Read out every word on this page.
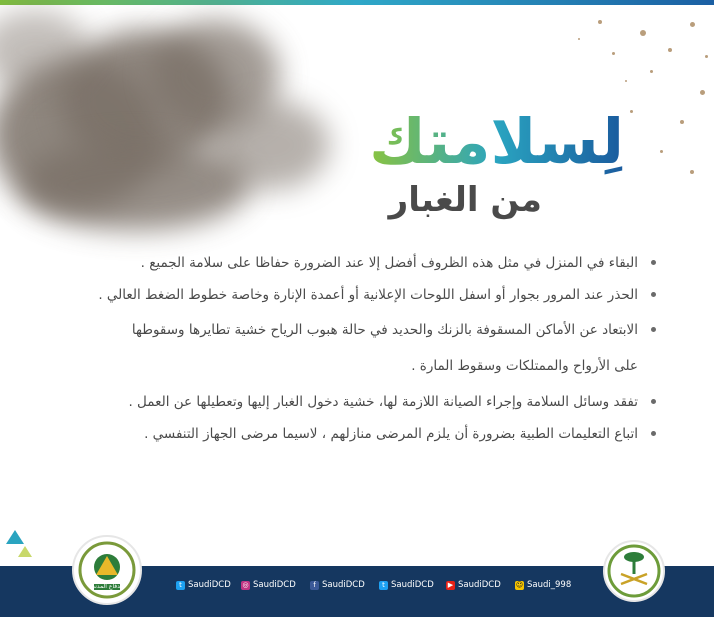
لِسلامتك
من الغبار
البقاء في المنزل في مثل هذه الظروف أفضل إلا عند الضرورة حفاظا على سلامة الجميع .
الحذر عند المرور بجوار أو اسفل اللوحات الإعلانية أو أعمدة الإنارة وخاصة خطوط الضغط العالي .
الابتعاد عن الأماكن المسقوفة بالزنك والحديد في حالة هبوب الرياح خشية تطايرها وسقوطها
على الأرواح والممتلكات وسقوط المارة .
تفقد وسائل السلامة وإجراء الصيانة اللازمة لها، خشية دخول الغبار إليها وتعطيلها عن العمل .
اتباع التعليمات الطبية بضرورة أن يلزم المرضى منازلهم ، لاسيما مرضى الجهاز التنفسي .
الدفاع المدني	t SaudiDCD ◎ SaudiDCD	f SaudiDCD	t SaudiDCD ▶ SaudiDCD ☺ Saudi_998
